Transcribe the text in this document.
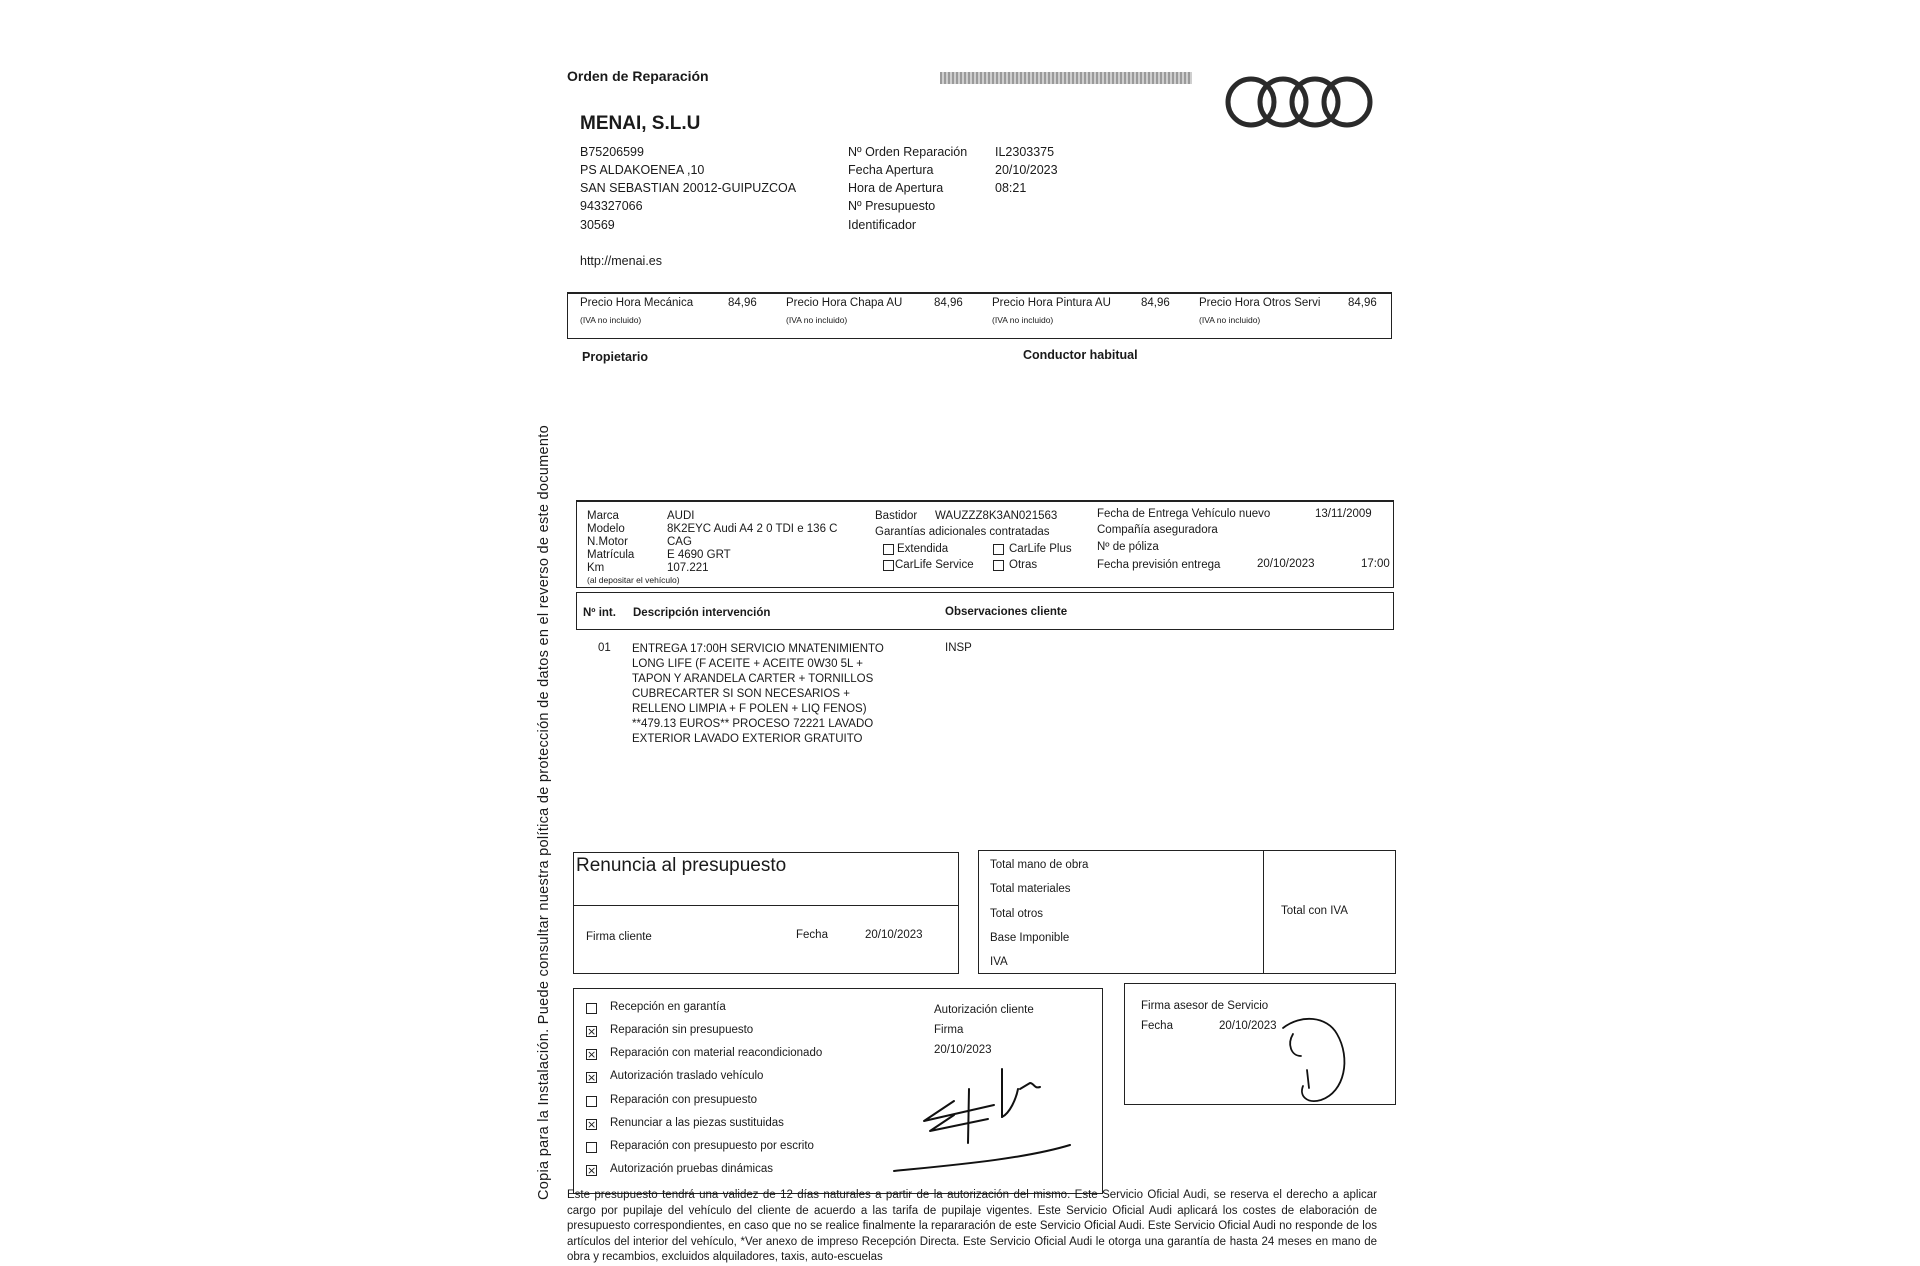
Copia para la Instalación. Puede consultar nuestra política de protección de datos en el reverso de este documento
Orden de Reparación
MENAI, S.L.U
B75206599
PS ALDAKOENEA ,10
SAN SEBASTIAN 20012-GUIPUZCOA
943327066
30569
http://menai.es
Nº Orden Reparación IL2303375
Fecha Apertura	20/10/2023
Hora de Apertura	08:21
Nº Presupuesto
Identificador
Precio Hora Mecánica	84,96
(IVA no incluido)
Precio Hora Chapa AU	84,96
(IVA no incluido)
Precio Hora Pintura AU	84,96
(IVA no incluido)
Precio Hora Otros Servi 84,96
(IVA no incluido)
Propietario	Conductor habitual
Marca	AUDI
Modelo	8K2EYC Audi A4 2 0 TDI e 136 C
N.Motor	CAG
Matrícula	E 4690 GRT
Km	107.221
(al depositar el vehículo)
Bastidor WAUZZZ8K3AN021563
Garantías adicionales contratadas
Extendida	CarLife Plus
CarLife Service	Otras
Fecha de Entrega Vehículo nuevo	13/11/2009
Compañía aseguradora
Nº de póliza
Fecha previsión entrega	20/10/2023	17:00
Nº int. Descripción intervención	Observaciones cliente
01 ENTREGA 17:00H SERVICIO MNATENIMIENTO
LONG LIFE (F ACEITE + ACEITE 0W30 5L +
TAPON Y ARANDELA CARTER + TORNILLOS
CUBRECARTER SI SON NECESARIOS +
RELLENO LIMPIA + F POLEN + LIQ FENOS)
**479.13 EUROS** PROCESO 72221 LAVADO
EXTERIOR LAVADO EXTERIOR GRATUITO
INSP
Renuncia al presupuesto
Firma cliente	Fecha	20/10/2023
Total mano de obra
Total materiales
Total otros
Base Imponible
IVA
Total con IVA
Recepción en garantía
× Reparación sin presupuesto
× Reparación con material reacondicionado
× Autorización traslado vehículo
Reparación con presupuesto
× Renunciar a las piezas sustituidas
Reparación con presupuesto por escrito
× Autorización pruebas dinámicas
Autorización cliente
Firma
20/10/2023
Firma asesor de Servicio
Fecha	20/10/2023
Este presupuesto tendrá una validez de 12 días naturales a partir de la autorización del mismo. Este Servicio Oficial Audi, se reserva el derecho a aplicar cargo por pupilaje del vehículo del cliente de acuerdo a las tarifa de pupilaje vigentes. Este Servicio Oficial Audi aplicará los costes de elaboración de presupuesto correspondientes, en caso que no se realice finalmente la repararación de este Servicio Oficial Audi. Este Servicio Oficial Audi no responde de los artículos del interior del vehículo, *Ver anexo de impreso Recepción Directa. Este Servicio Oficial Audi le otorga una garantía de hasta 24 meses en mano de obra y recambios, excluidos alquiladores, taxis, auto-escuelas
